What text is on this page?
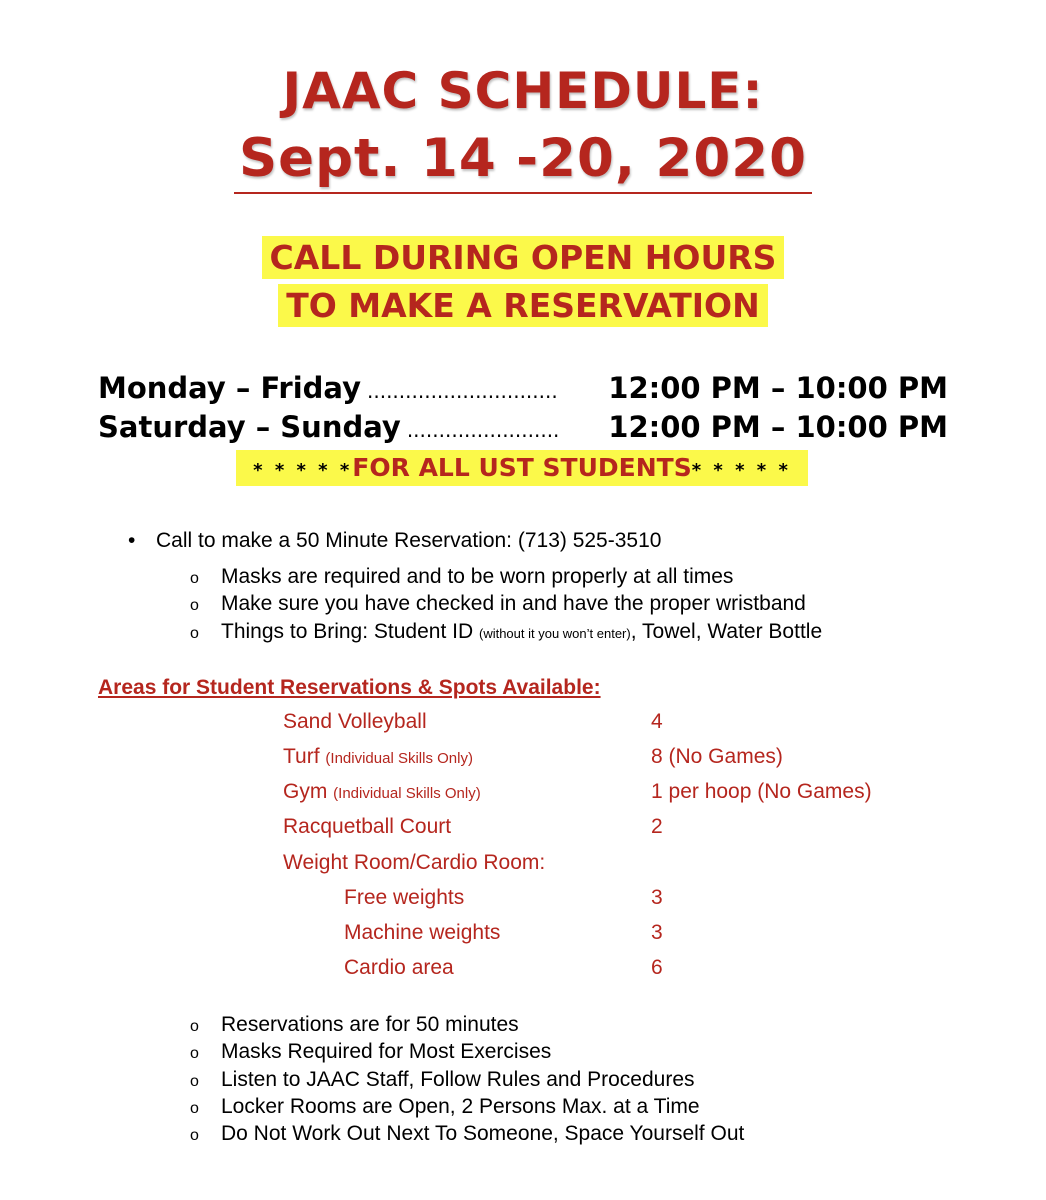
JAAC SCHEDULE:
Sept. 14 -20, 2020
CALL DURING OPEN HOURS
TO MAKE A RESERVATION
Monday – Friday .............................. 12:00 PM – 10:00 PM
Saturday – Sunday ........................ 12:00 PM – 10:00 PM
* * * * *FOR ALL UST STUDENTS* * * * *
• Call to make a 50 Minute Reservation: (713) 525-3510
o Masks are required and to be worn properly at all times
o Make sure you have checked in and have the proper wristband
o Things to Bring: Student ID (without it you won’t enter), Towel, Water Bottle
Areas for Student Reservations & Spots Available:
Sand Volleyball	4
Turf (Individual Skills Only)	8 (No Games)
Gym (Individual Skills Only)	1 per hoop (No Games)
Racquetball Court	2
Weight Room/Cardio Room:
Free weights	3
Machine weights	3
Cardio area	6
o Reservations are for 50 minutes
o Masks Required for Most Exercises
o Listen to JAAC Staff, Follow Rules and Procedures
o Locker Rooms are Open, 2 Persons Max. at a Time
o Do Not Work Out Next To Someone, Space Yourself Out
